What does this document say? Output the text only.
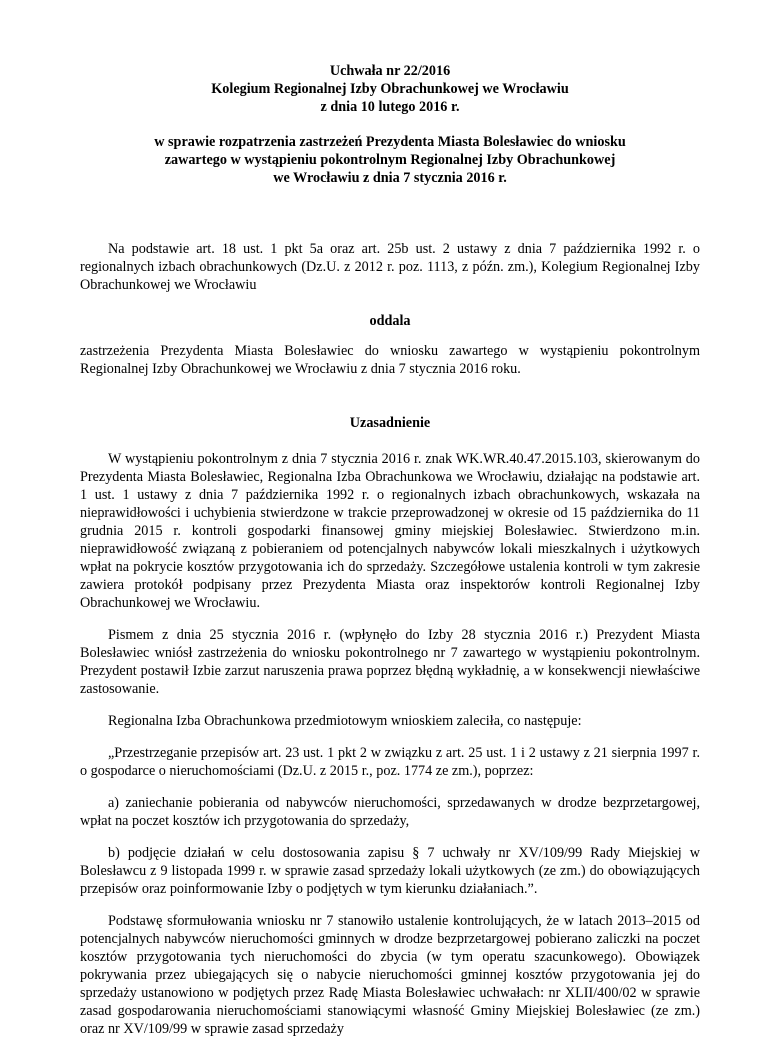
Uchwała nr 22/2016

Kolegium Regionalnej Izby Obrachunkowej we Wrocławiu

z dnia 10 lutego 2016 r.

w sprawie rozpatrzenia zastrzeżeń Prezydenta Miasta Bolesławiec do wniosku

zawartego w wystąpieniu pokontrolnym Regionalnej Izby Obrachunkowej

we Wrocławiu z dnia 7 stycznia 2016 r.

Na podstawie art. 18 ust. 1 pkt 5a oraz art. 25b ust. 2 ustawy z dnia 7 października 1992 r. o regionalnych izbach obrachunkowych (Dz.U. z 2012 r. poz. 1113, z późn. zm.), Kolegium Regionalnej Izby Obrachunkowej we Wrocławiu

oddala

zastrzeżenia Prezydenta Miasta Bolesławiec do wniosku zawartego w wystąpieniu pokontrolnym Regionalnej Izby Obrachunkowej we Wrocławiu z dnia 7 stycznia 2016 roku.

Uzasadnienie

W wystąpieniu pokontrolnym z dnia 7 stycznia 2016 r. znak WK.WR.40.47.2015.103, skierowanym do Prezydenta Miasta Bolesławiec, Regionalna Izba Obrachunkowa we Wrocławiu, działając na podstawie art. 1 ust. 1 ustawy z dnia 7 października 1992 r. o regionalnych izbach obrachunkowych, wskazała na nieprawidłowości i uchybienia stwierdzone w trakcie przeprowadzonej w okresie od 15 października do 11 grudnia 2015 r. kontroli gospodarki finansowej gminy miejskiej Bolesławiec. Stwierdzono m.in. nieprawidłowość związaną z pobieraniem od potencjalnych nabywców lokali mieszkalnych i użytkowych wpłat na pokrycie kosztów przygotowania ich do sprzedaży. Szczegółowe ustalenia kontroli w tym zakresie zawiera protokół podpisany przez Prezydenta Miasta oraz inspektorów kontroli Regionalnej Izby Obrachunkowej we Wrocławiu.

Pismem z dnia 25 stycznia 2016 r. (wpłynęło do Izby 28 stycznia 2016 r.) Prezydent Miasta Bolesławiec wniósł zastrzeżenia do wniosku pokontrolnego nr 7 zawartego w wystąpieniu pokontrolnym. Prezydent postawił Izbie zarzut naruszenia prawa poprzez błędną wykładnię, a w konsekwencji niewłaściwe zastosowanie.

Regionalna Izba Obrachunkowa przedmiotowym wnioskiem zaleciła, co następuje:

„Przestrzeganie przepisów art. 23 ust. 1 pkt 2 w związku z art. 25 ust. 1 i 2 ustawy z 21 sierpnia 1997 r. o gospodarce o nieruchomościami (Dz.U. z 2015 r., poz. 1774 ze zm.), poprzez:

a) zaniechanie pobierania od nabywców nieruchomości, sprzedawanych w drodze bezprzetargowej, wpłat na poczet kosztów ich przygotowania do sprzedaży,

b) podjęcie działań w celu dostosowania zapisu § 7 uchwały nr XV/109/99 Rady Miejskiej w Bolesławcu z 9 listopada 1999 r. w sprawie zasad sprzedaży lokali użytkowych (ze zm.) do obowiązujących przepisów oraz poinformowanie Izby o podjętych w tym kierunku działaniach.”.

Podstawę sformułowania wniosku nr 7 stanowiło ustalenie kontrolujących, że w latach 2013–2015 od potencjalnych nabywców nieruchomości gminnych w drodze bezprzetargowej pobierano zaliczki na poczet kosztów przygotowania tych nieruchomości do zbycia (w tym operatu szacunkowego). Obowiązek pokrywania przez ubiegających się o nabycie nieruchomości gminnej kosztów przygotowania jej do sprzedaży ustanowiono w podjętych przez Radę Miasta Bolesławiec uchwałach: nr XLII/400/02 w sprawie zasad gospodarowania nieruchomościami stanowiącymi własność Gminy Miejskiej Bolesławiec (ze zm.) oraz nr XV/109/99 w sprawie zasad sprzedaży
